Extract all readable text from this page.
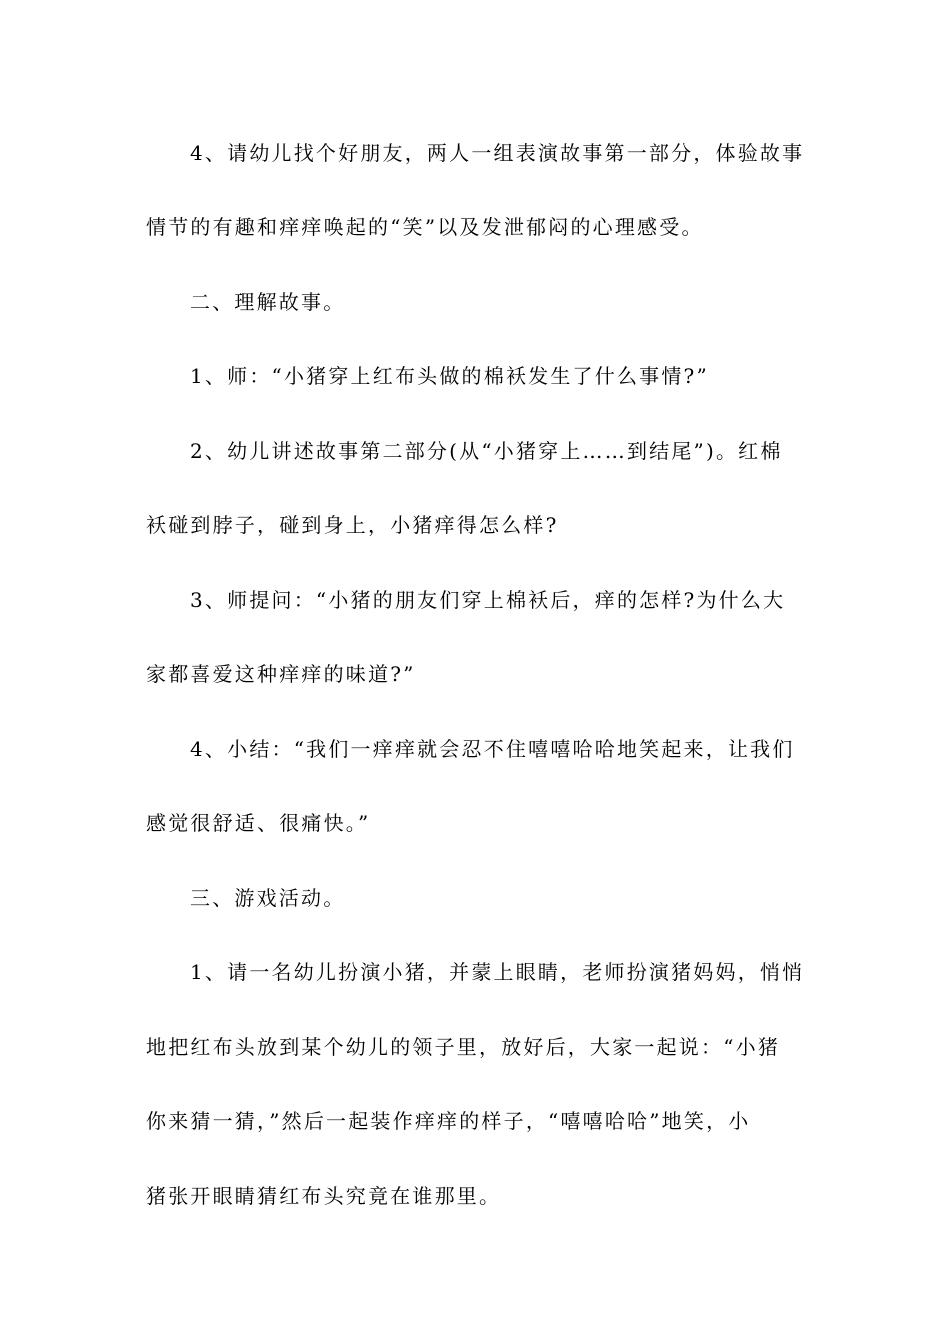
4、请幼儿找个好朋友，两人一组表演故事第一部分，体验故事
情节的有趣和痒痒唤起的“笑”以及发泄郁闷的心理感受。
二、理解故事。
1、师：“小猪穿上红布头做的棉袄发生了什么事情?”
2、幼儿讲述故事第二部分(从“小猪穿上……到结尾”)。红棉
袄碰到脖子，碰到身上，小猪痒得怎么样?
3、师提问：“小猪的朋友们穿上棉袄后，痒的怎样?为什么大
家都喜爱这种痒痒的味道?”
4、小结：“我们一痒痒就会忍不住嘻嘻哈哈地笑起来，让我们
感觉很舒适、很痛快。”
三、游戏活动。
1、请一名幼儿扮演小猪，并蒙上眼睛，老师扮演猪妈妈，悄悄
地把红布头放到某个幼儿的领子里，放好后，大家一起说：“小猪
你来猜一猜，”然后一起装作痒痒的样子，“嘻嘻哈哈”地笑，小
猪张开眼睛猜红布头究竟在谁那里。
